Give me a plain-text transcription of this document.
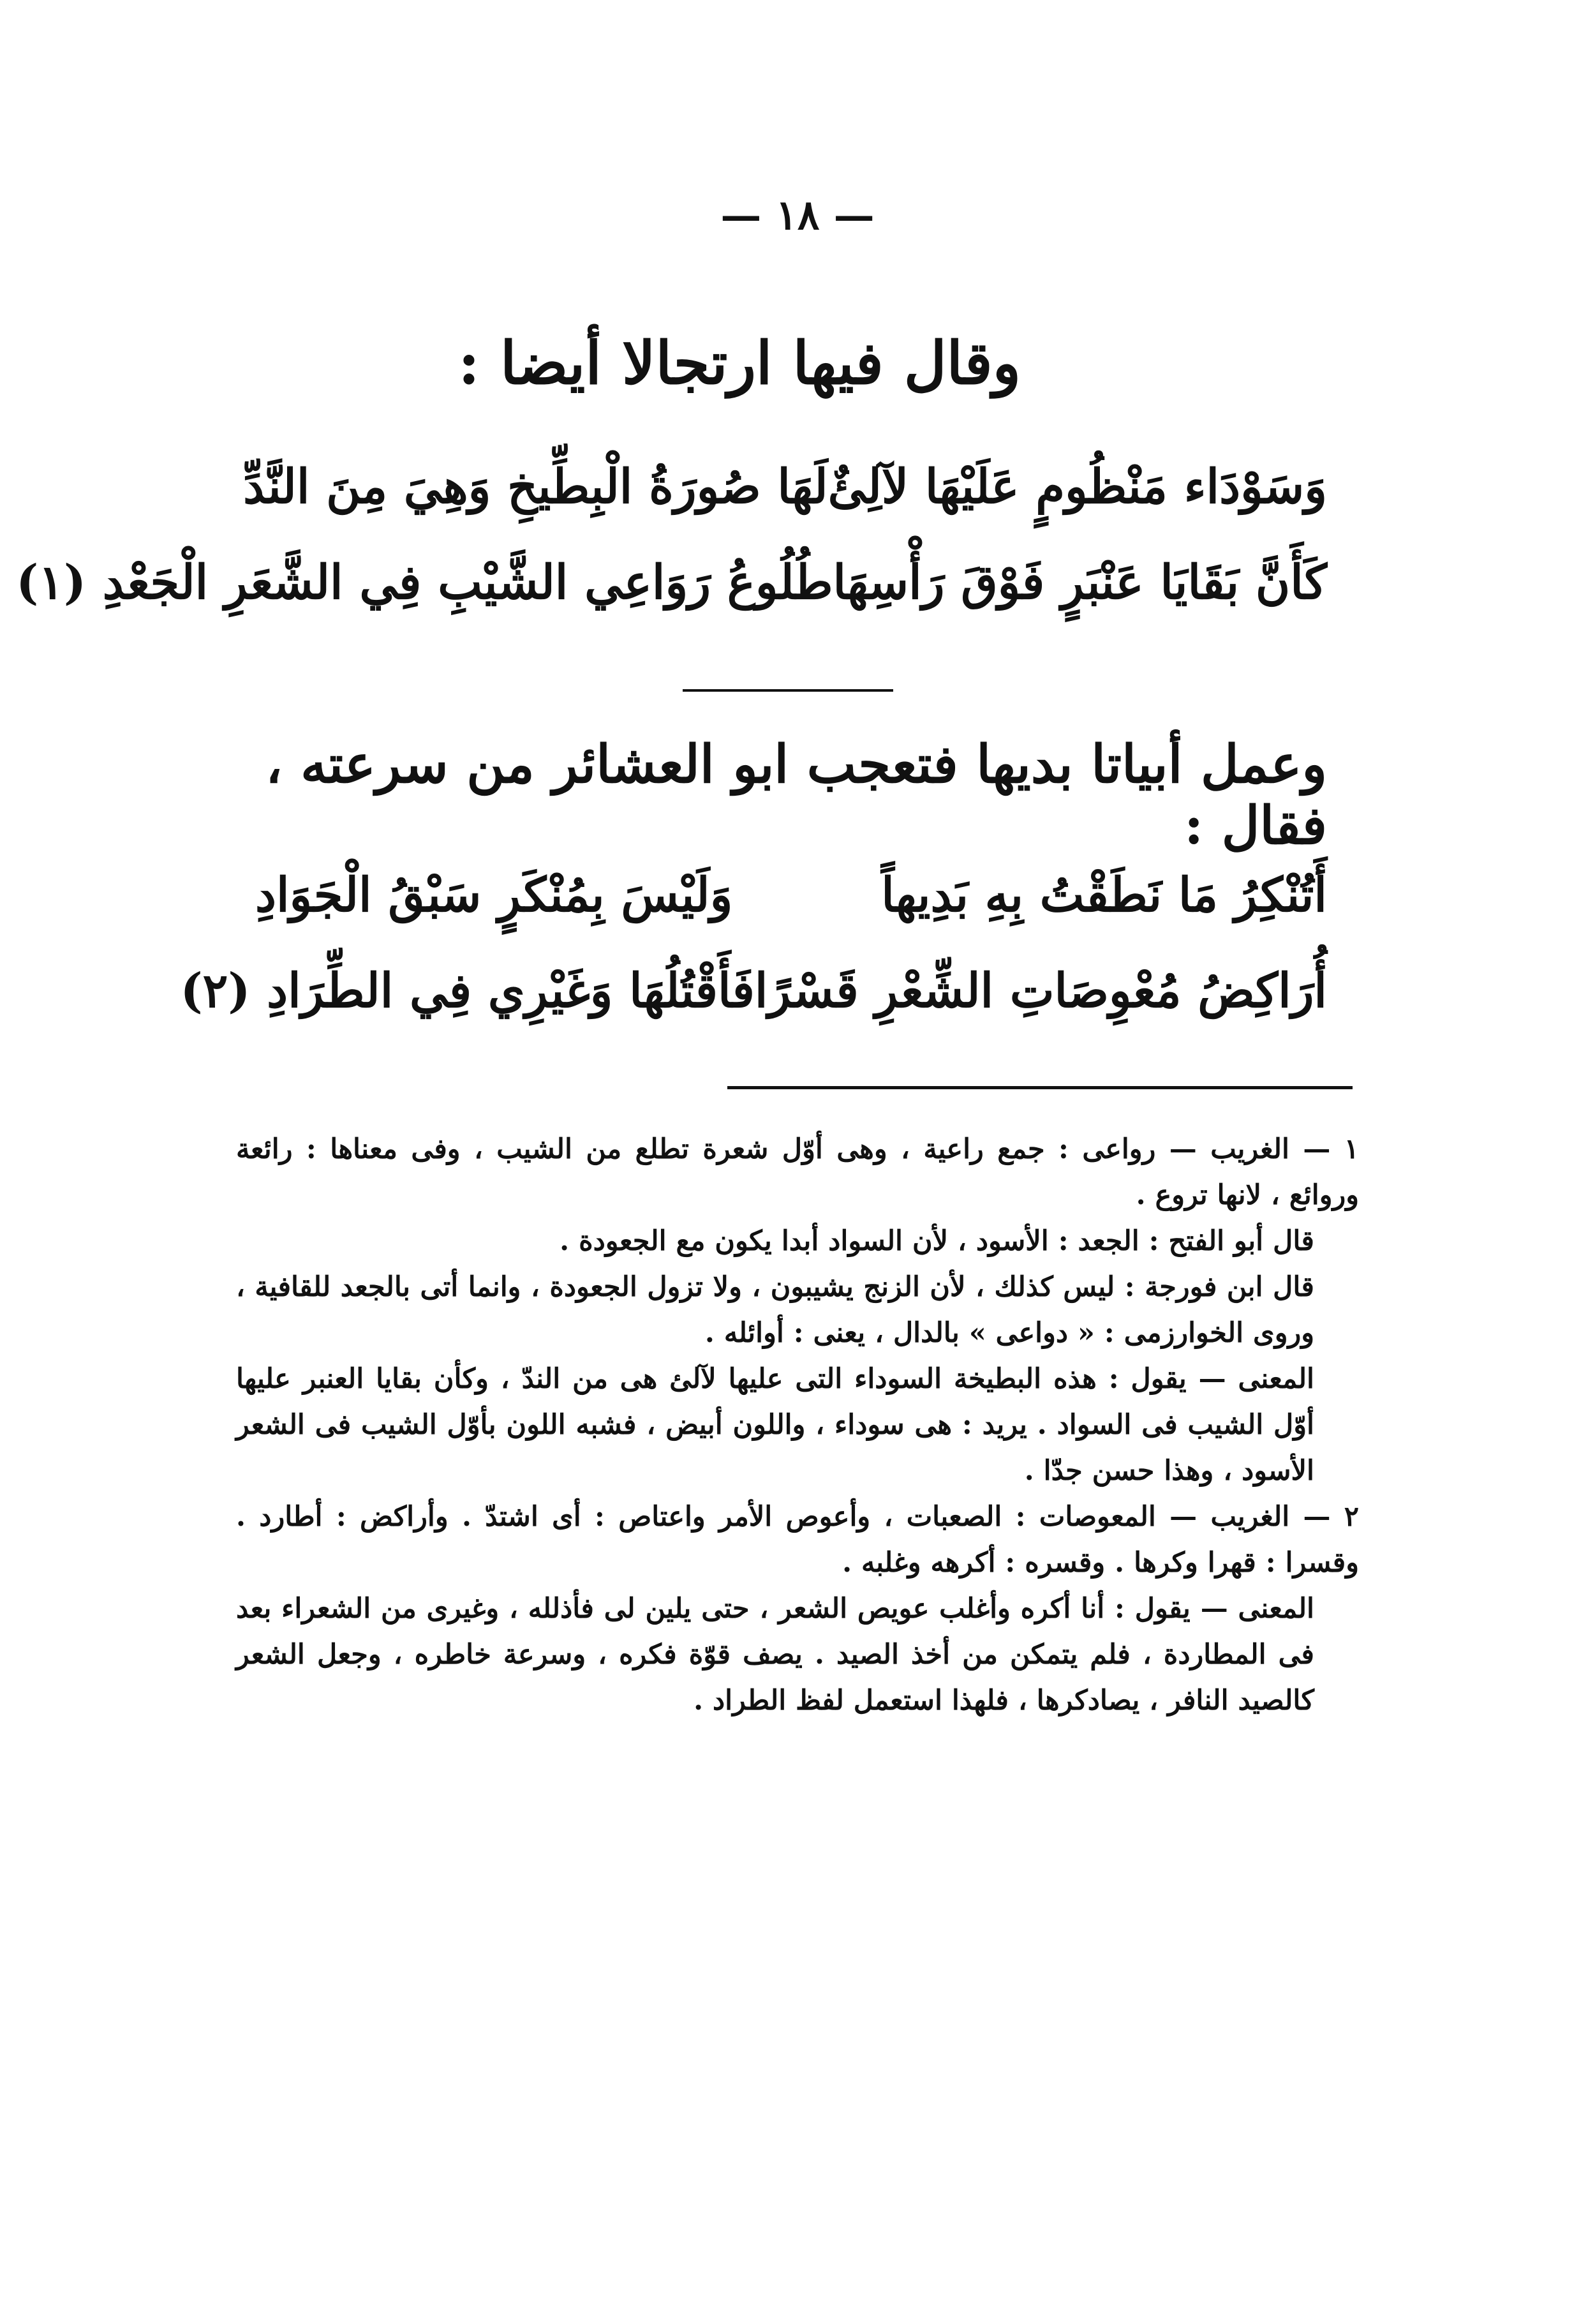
— ١٨ —
وقال فيها ارتجالا أيضا :
وَسَوْدَاء مَنْظُومٍ عَلَيْهَا لآلِئٌ
لَهَا صُورَةُ الْبِطِّيخِ وَهِيَ مِنَ النَّدِّ
كَأَنَّ بَقَايَا عَنْبَرٍ فَوْقَ رَأْسِهَا
طُلُوعُ رَوَاعِي الشَّيْبِ فِي الشَّعَرِ الْجَعْدِ (١)
وعمل أبياتا بديها فتعجب ابو العشائر من سرعته ، فقال :
أَتُنْكِرُ مَا نَطَقْتُ بِهِ بَدِيهاً
وَلَيْسَ بِمُنْكَرٍ سَبْقُ الْجَوَادِ
أُرَاكِضُ مُعْوِصَاتِ الشِّعْرِ قَسْرًا
فَأَقْتُلُهَا وَغَيْرِي فِي الطِّرَادِ (٢)

١ — الغريب — رواعى : جمع راعية ، وهى أوّل شعرة تطلع من الشيب ، وفى معناها : رائعة وروائع ، لانها تروع .

قال أبو الفتح : الجعد : الأسود ، لأن السواد أبدا يكون مع الجعودة .

قال ابن فورجة : ليس كذلك ، لأن الزنج يشيبون ، ولا تزول الجعودة ، وانما أتى بالجعد للقافية ، وروى الخوارزمى : « دواعى » بالدال ، يعنى : أوائله .

المعنى — يقول : هذه البطيخة السوداء التى عليها لآلئ هى من الندّ ، وكأن بقايا العنبر عليها أوّل الشيب فى السواد . يريد : هى سوداء ، واللون أبيض ، فشبه اللون بأوّل الشيب فى الشعر الأسود ، وهذا حسن جدّا .

٢ — الغريب — المعوصات : الصعبات ، وأعوص الأمر واعتاص : أى اشتدّ . وأراكض : أطارد . وقسرا : قهرا وكرها . وقسره : أكرهه وغلبه .

المعنى — يقول : أنا أكره وأغلب عويص الشعر ، حتى يلين لى فأذلله ، وغيرى من الشعراء بعد فى المطاردة ، فلم يتمكن من أخذ الصيد . يصف قوّة فكره ، وسرعة خاطره ، وجعل الشعر كالصيد النافر ، يصادكرها ، فلهذا استعمل لفظ الطراد .
